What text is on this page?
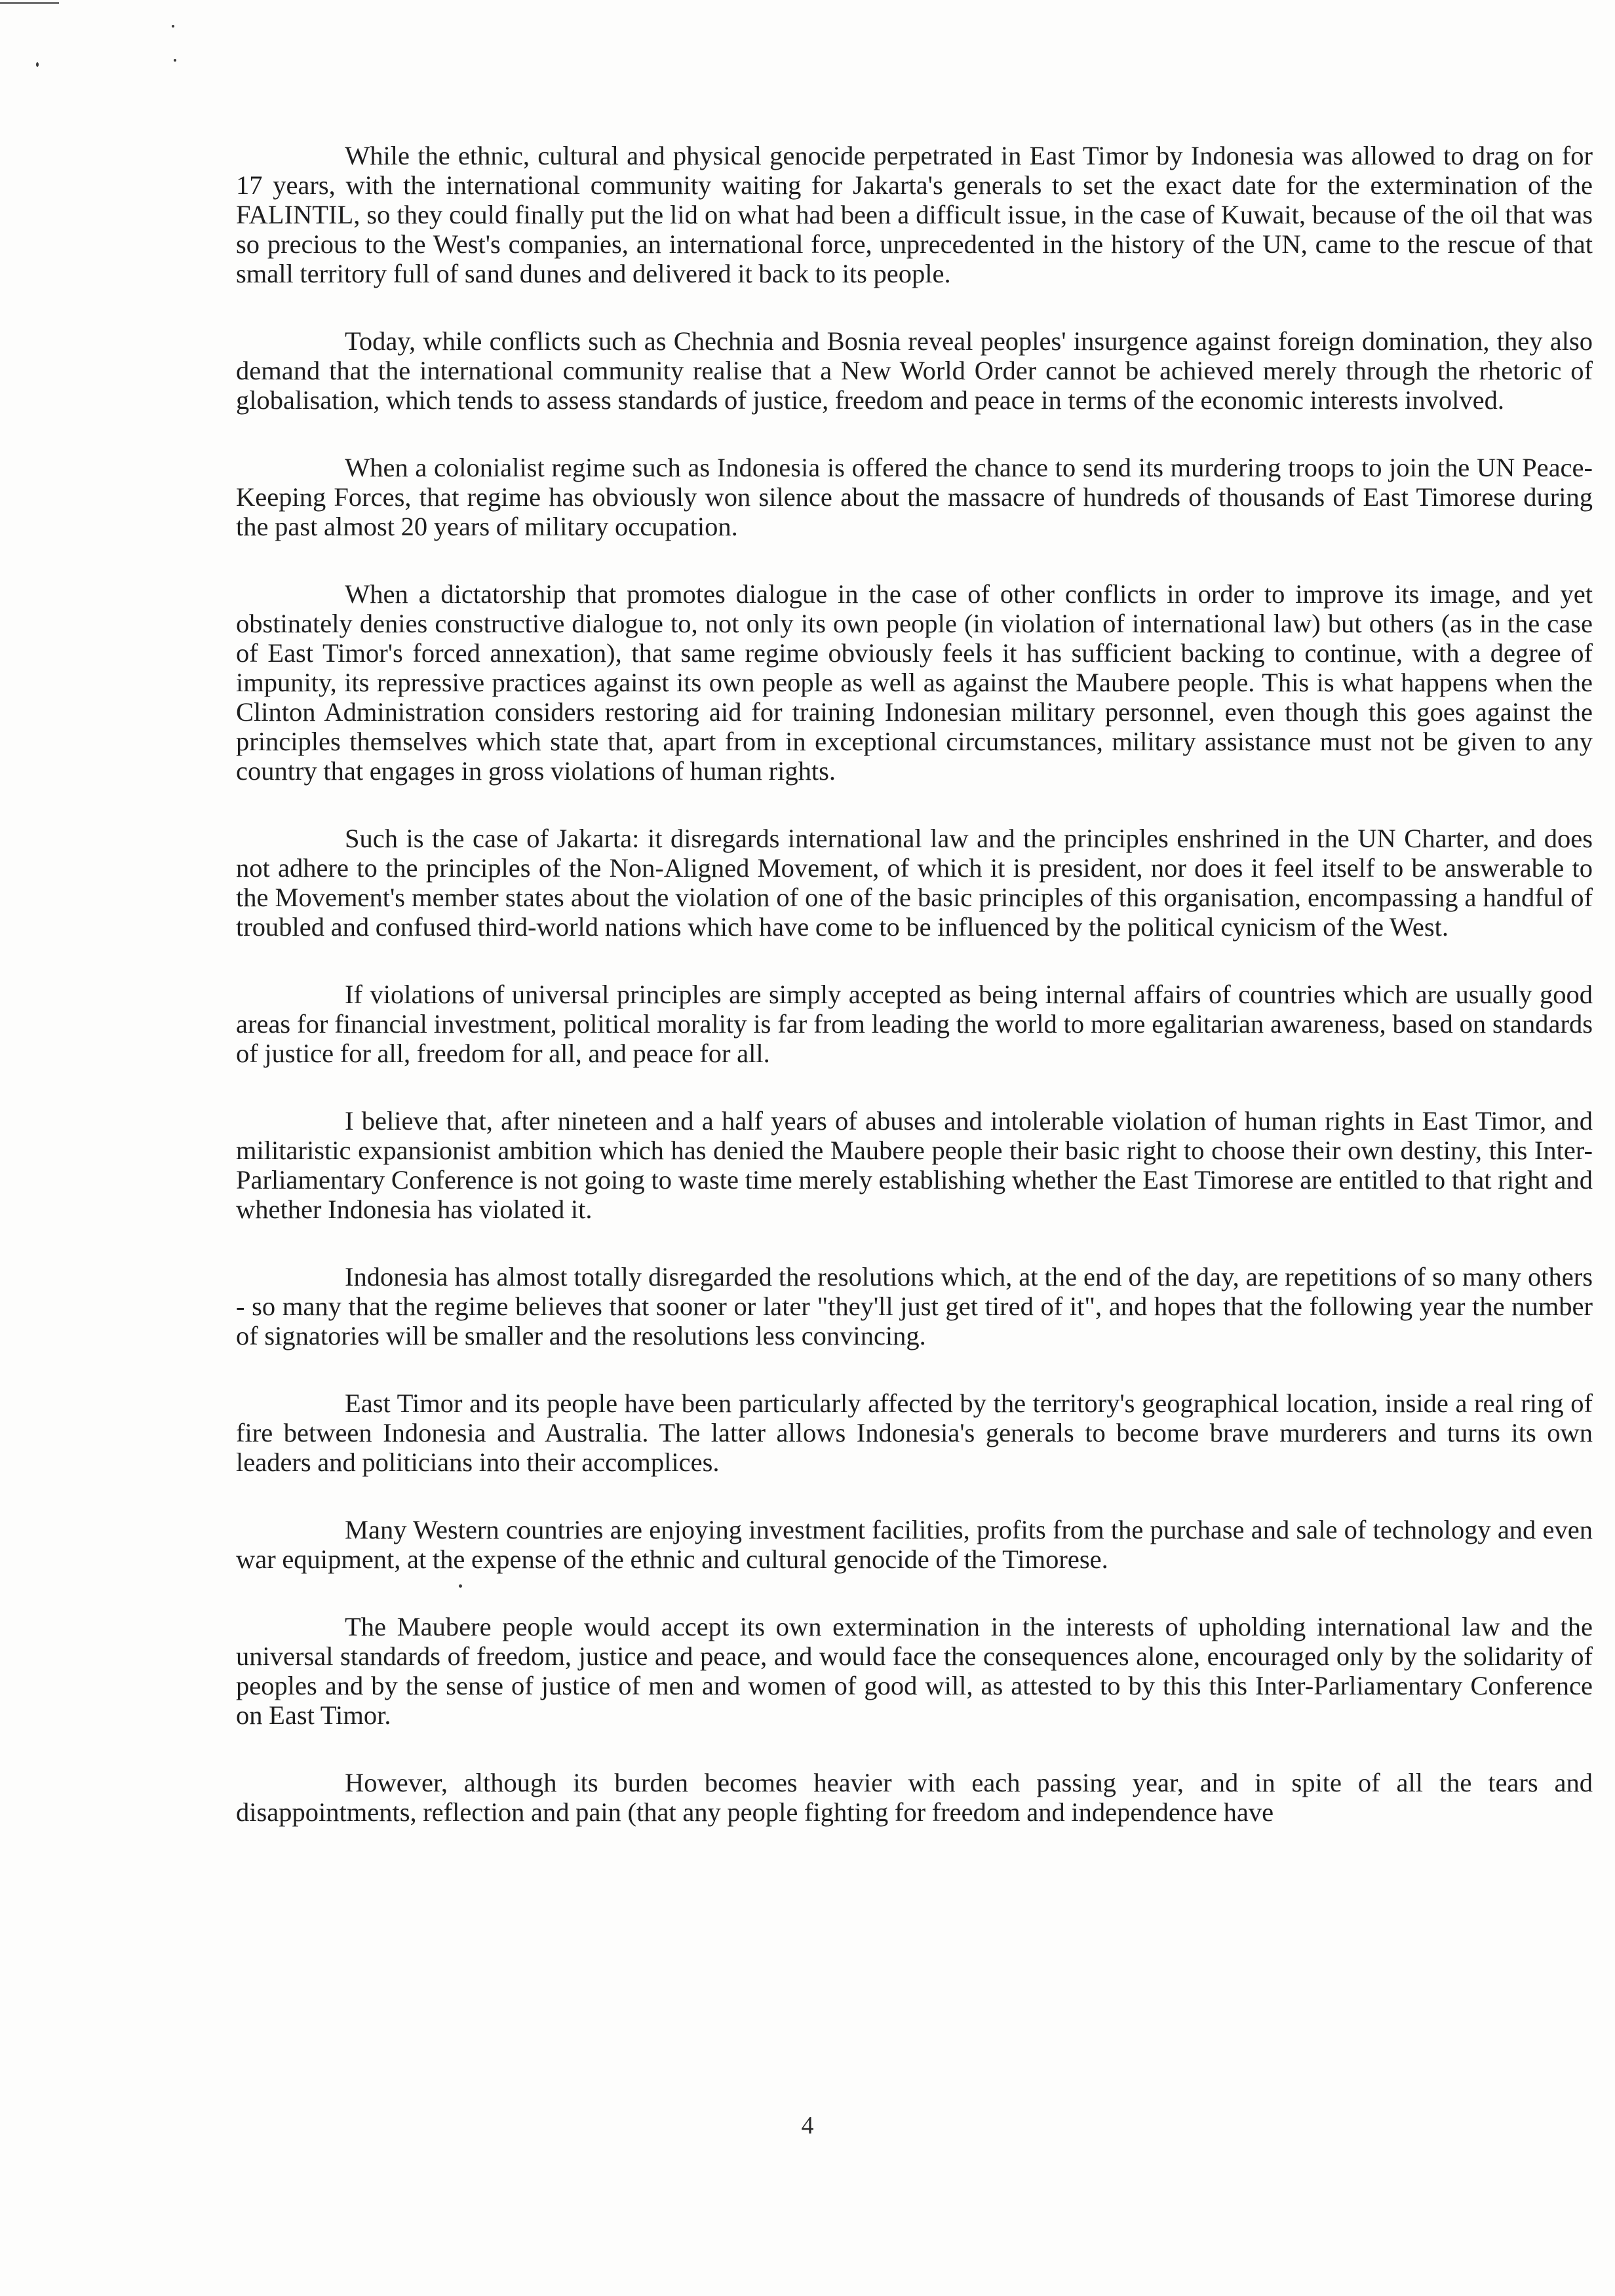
While the ethnic, cultural and physical genocide perpetrated in East Timor by Indonesia was allowed to drag on for 17 years, with the international community waiting for Jakarta's generals to set the exact date for the extermination of the FALINTIL, so they could finally put the lid on what had been a difficult issue, in the case of Kuwait, because of the oil that was so precious to the West's companies, an international force, unprecedented in the history of the UN, came to the rescue of that small territory full of sand dunes and delivered it back to its people.

Today, while conflicts such as Chechnia and Bosnia reveal peoples' insurgence against foreign domination, they also demand that the international community realise that a New World Order cannot be achieved merely through the rhetoric of globalisation, which tends to assess standards of justice, freedom and peace in terms of the economic interests involved.

When a colonialist regime such as Indonesia is offered the chance to send its murdering troops to join the UN Peace-Keeping Forces, that regime has obviously won silence about the massacre of hundreds of thousands of East Timorese during the past almost 20 years of military occupation.

When a dictatorship that promotes dialogue in the case of other conflicts in order to improve its image, and yet obstinately denies constructive dialogue to, not only its own people (in violation of international law) but others (as in the case of East Timor's forced annexation), that same regime obviously feels it has sufficient backing to continue, with a degree of impunity, its repressive practices against its own people as well as against the Maubere people. This is what happens when the Clinton Administration considers restoring aid for training Indonesian military personnel, even though this goes against the principles themselves which state that, apart from in exceptional circumstances, military assistance must not be given to any country that engages in gross violations of human rights.

Such is the case of Jakarta: it disregards international law and the principles enshrined in the UN Charter, and does not adhere to the principles of the Non-Aligned Movement, of which it is president, nor does it feel itself to be answerable to the Movement's member states about the violation of one of the basic principles of this organisation, encompassing a handful of troubled and confused third-world nations which have come to be influenced by the political cynicism of the West.

If violations of universal principles are simply accepted as being internal affairs of countries which are usually good areas for financial investment, political morality is far from leading the world to more egalitarian awareness, based on standards of justice for all, freedom for all, and peace for all.

I believe that, after nineteen and a half years of abuses and intolerable violation of human rights in East Timor, and militaristic expansionist ambition which has denied the Maubere people their basic right to choose their own destiny, this Inter-Parliamentary Conference is not going to waste time merely establishing whether the East Timorese are entitled to that right and whether Indonesia has violated it.

Indonesia has almost totally disregarded the resolutions which, at the end of the day, are repetitions of so many others - so many that the regime believes that sooner or later "they'll just get tired of it", and hopes that the following year the number of signatories will be smaller and the resolutions less convincing.

East Timor and its people have been particularly affected by the territory's geographical location, inside a real ring of fire between Indonesia and Australia. The latter allows Indonesia's generals to become brave murderers and turns its own leaders and politicians into their accomplices.

Many Western countries are enjoying investment facilities, profits from the purchase and sale of technology and even war equipment, at the expense of the ethnic and cultural genocide of the Timorese.

The Maubere people would accept its own extermination in the interests of upholding international law and the universal standards of freedom, justice and peace, and would face the consequences alone, encouraged only by the solidarity of peoples and by the sense of justice of men and women of good will, as attested to by this this Inter-Parliamentary Conference on East Timor.

However, although its burden becomes heavier with each passing year, and in spite of all the tears and disappointments, reflection and pain (that any people fighting for freedom and independence have

4
